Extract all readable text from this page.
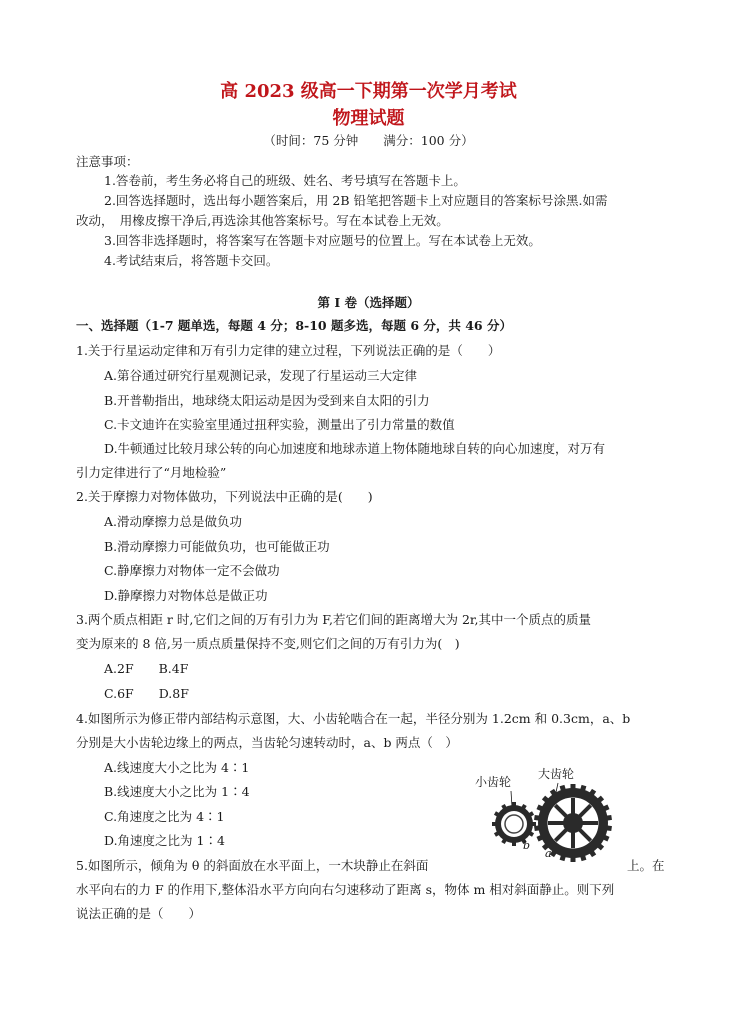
高 2023 级高一下期第一次学月考试
物理试题
（时间：75 分钟　　满分：100 分）
注意事项：
1.答卷前，考生务必将自己的班级、姓名、考号填写在答题卡上。
2.回答选择题时，选出每小题答案后，用 2B 铅笔把答题卡上对应题目的答案标号涂黑.如需
改动，　用橡皮擦干净后,再选涂其他答案标号。写在本试卷上无效。
3.回答非选择题时，将答案写在答题卡对应题号的位置上。写在本试卷上无效。
4.考试结束后，将答题卡交回。
第 I 卷（选择题）
一、选择题（1-7 题单选，每题 4 分；8-10 题多选，每题 6 分，共 46 分）
1.关于行星运动定律和万有引力定律的建立过程，下列说法正确的是（　　）
A.第谷通过研究行星观测记录，发现了行星运动三大定律
B.开普勒指出，地球绕太阳运动是因为受到来自太阳的引力
C.卡文迪许在实验室里通过扭秤实验，测量出了引力常量的数值
D.牛顿通过比较月球公转的向心加速度和地球赤道上物体随地球自转的向心加速度，对万有
引力定律进行了“月地检验”
2.关于摩擦力对物体做功，下列说法中正确的是(　　)
A.滑动摩擦力总是做负功
B.滑动摩擦力可能做负功，也可能做正功
C.静摩擦力对物体一定不会做功
D.静摩擦力对物体总是做正功
3.两个质点相距 r 时,它们之间的万有引力为 F,若它们间的距离增大为 2r,其中一个质点的质量
变为原来的 8 倍,另一质点质量保持不变,则它们之间的万有引力为(　)
A.2F　　B.4F
C.6F　　D.8F
4.如图所示为修正带内部结构示意图，大、小齿轮啮合在一起，半径分别为 1.2cm 和 0.3cm，a、b
分别是大小齿轮边缘上的两点，当齿轮匀速转动时，a、b 两点（　）
A.线速度大小之比为 4∶1
B.线速度大小之比为 1∶4
C.角速度之比为 4∶1
D.角速度之比为 1∶4
小齿轮
大齿轮
a
b
5.如图所示，倾角为 θ 的斜面放在水平面上，一木块静止在斜面	上。在
水平向右的力 F 的作用下,整体沿水平方向向右匀速移动了距离 s，物体 m 相对斜面静止。则下列
说法正确的是（　　）
